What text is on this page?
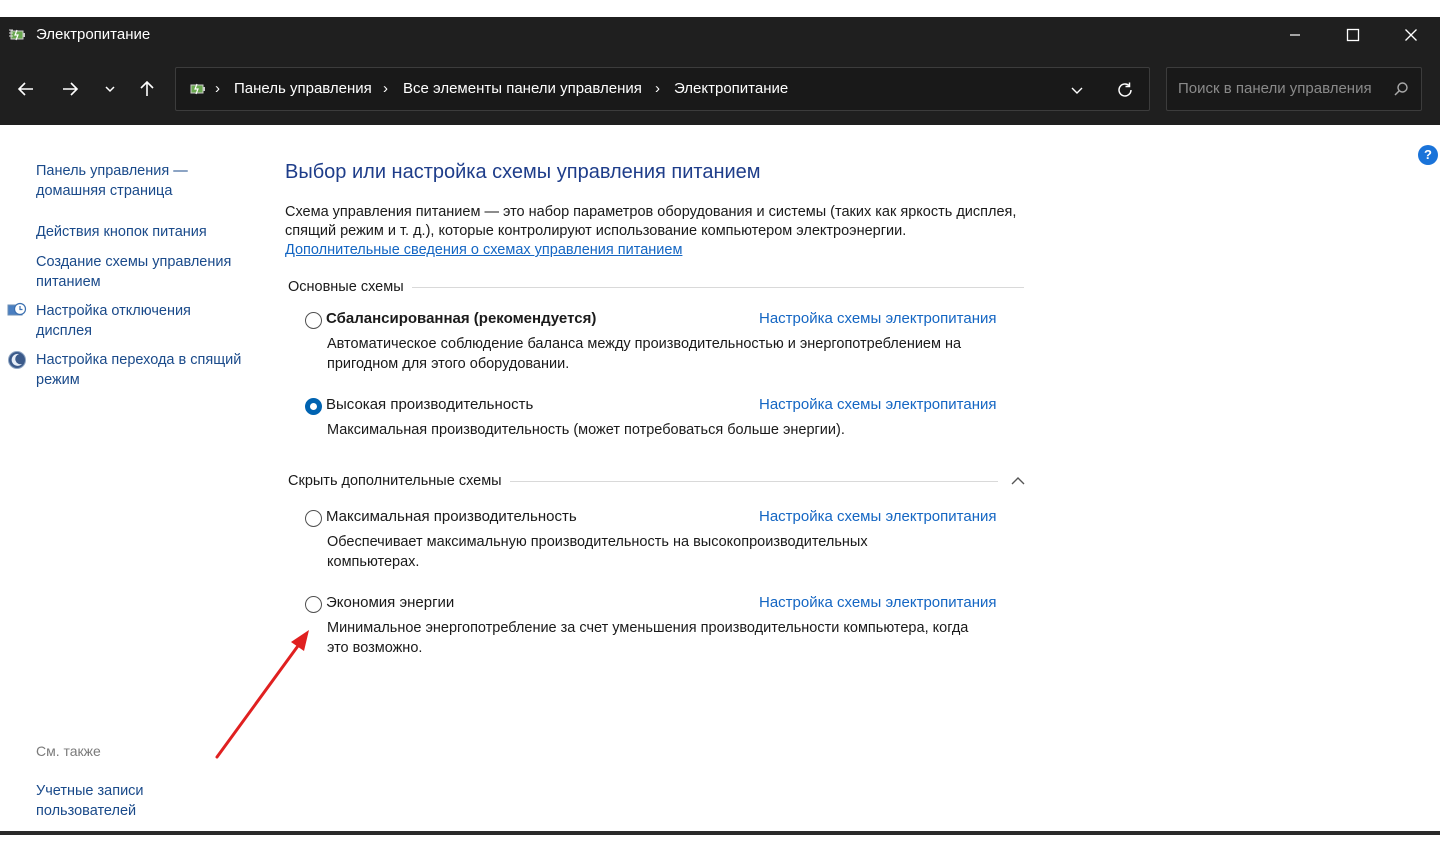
Электропитание
› Панель управления › Все элементы панели управления › Электропитание	Поиск в панели управления
?
Панель управления — домашняя страница
Действия кнопок питания
Создание схемы управления питанием
Настройка отключения дисплея
Настройка перехода в спящий режим
См. также
Учетные записи пользователей
Выбор или настройка схемы управления питанием
Схема управления питанием — это набор параметров оборудования и системы (таких как яркость дисплея, спящий режим и т. д.), которые контролируют использование компьютером электроэнергии.
Дополнительные сведения о схемах управления питанием
Основные схемы
Сбалансированная (рекомендуется)	Настройка схемы электропитания
Автоматическое соблюдение баланса между производительностью и энергопотреблением на пригодном для этого оборудовании.
Высокая производительность	Настройка схемы электропитания
Максимальная производительность (может потребоваться больше энергии).
Скрыть дополнительные схемы
Максимальная производительность	Настройка схемы электропитания
Обеспечивает максимальную производительность на высокопроизводительных компьютерах.
Экономия энергии	Настройка схемы электропитания
Минимальное энергопотребление за счет уменьшения производительности компьютера, когда это возможно.
